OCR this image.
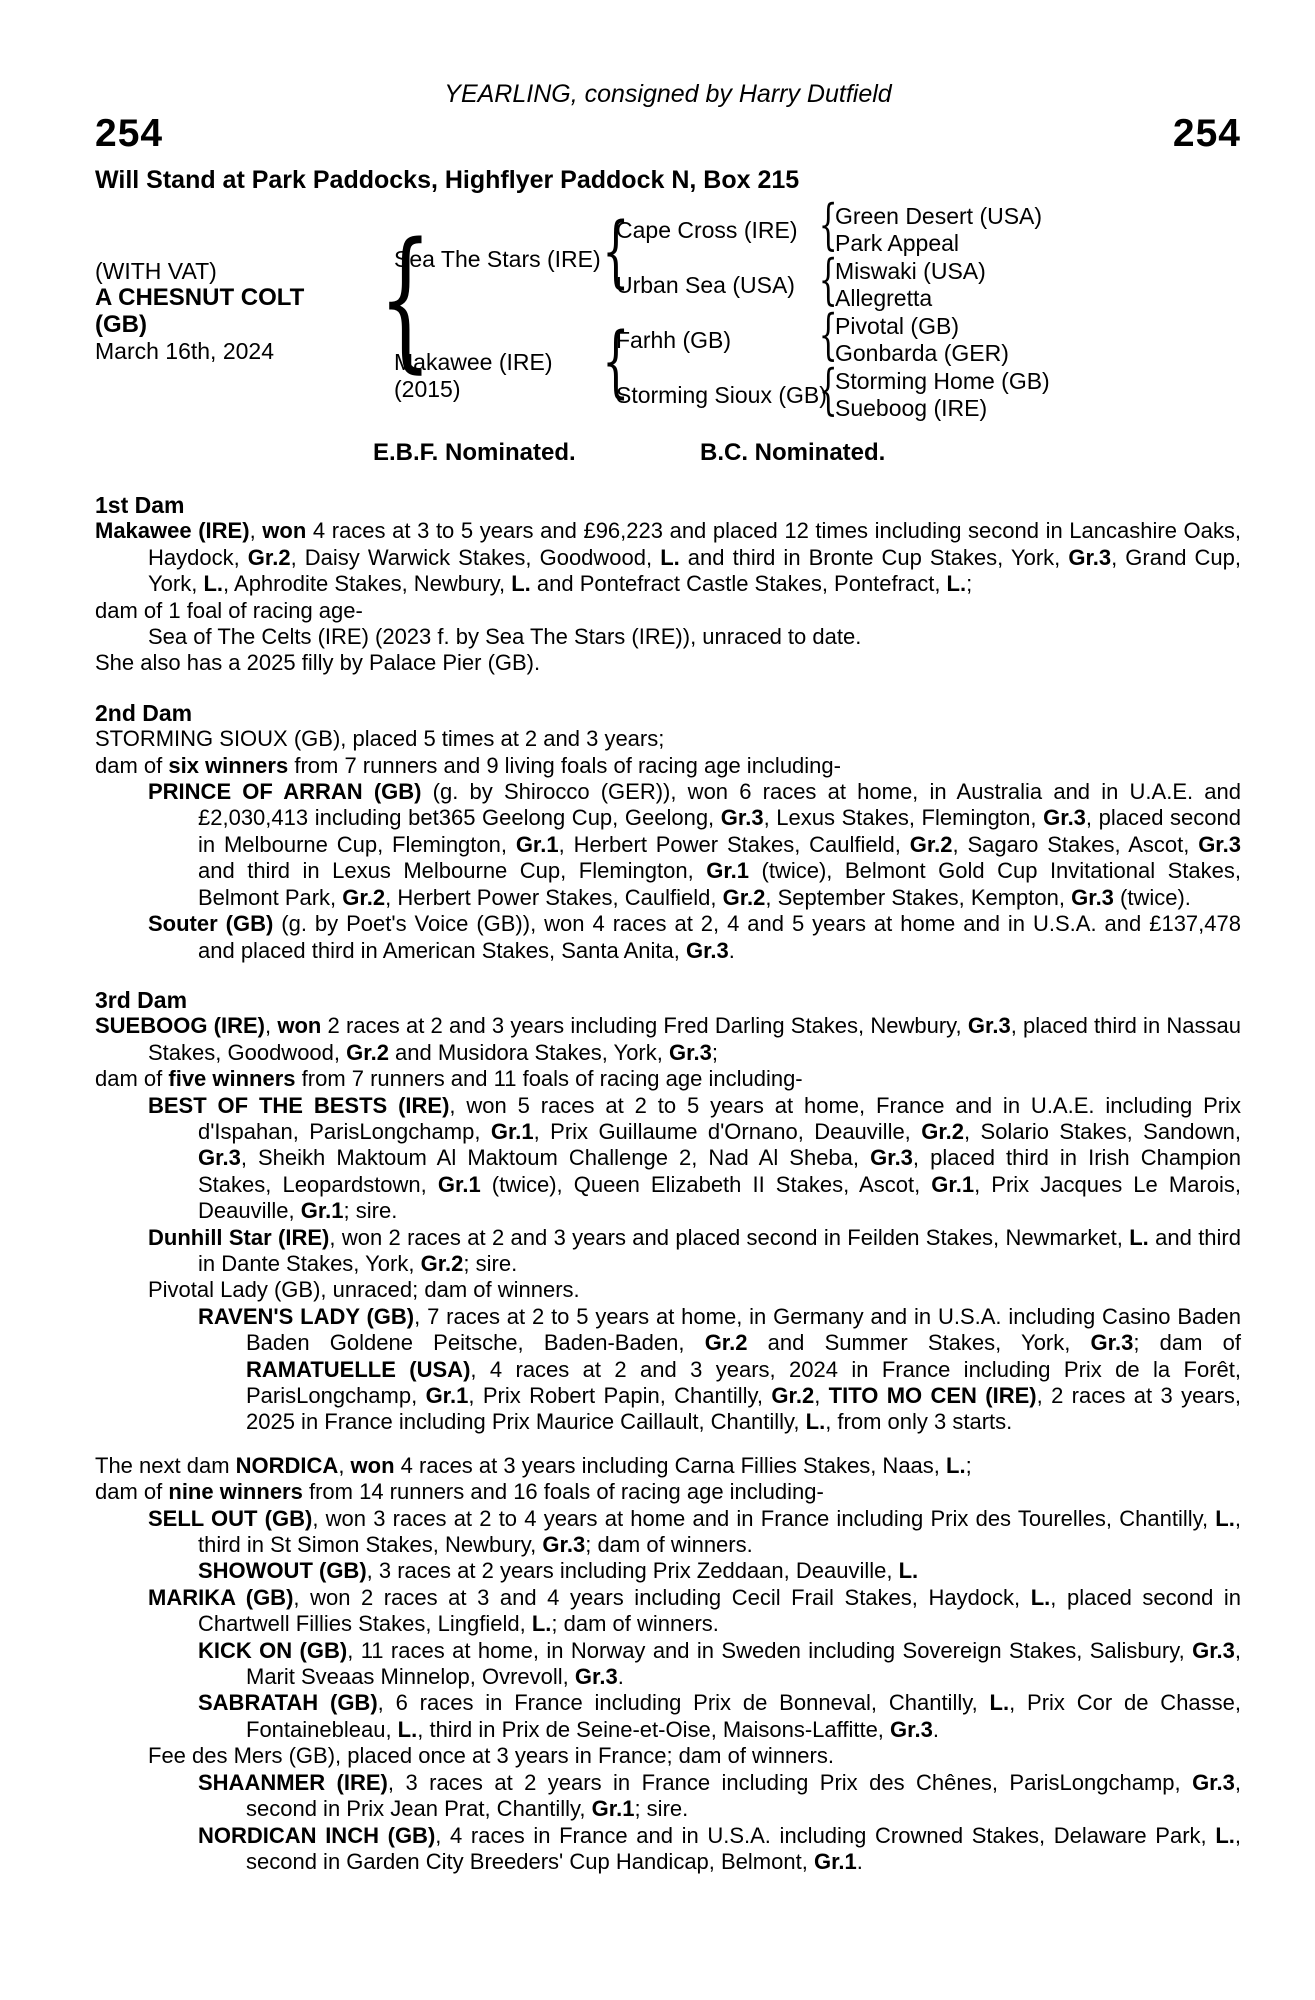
YEARLING, consigned by Harry Dutfield
254	254
Will Stand at Park Paddocks, Highflyer Paddock N, Box 215
(WITH VAT)
A CHESNUT COLT
(GB)
March 16th, 2024 { {
{
{
{
{
{
Sea The Stars (IRE)
Makawee (IRE)
(2015)
Cape Cross (IRE)
Urban Sea (USA)
Farhh (GB)
Storming Sioux (GB)
Green Desert (USA)
Park Appeal
Miswaki (USA)
Allegretta
Pivotal (GB)
Gonbarda (GER)
Storming Home (GB)
Sueboog (IRE)
E.B.F. Nominated.	B.C. Nominated.
1st Dam
Makawee (IRE), won 4 races at 3 to 5 years and £96,223 and placed 12 times including second in Lancashire Oaks, Haydock, Gr.2, Daisy Warwick Stakes, Goodwood, L. and third in Bronte Cup Stakes, York, Gr.3, Grand Cup, York, L., Aphrodite Stakes, Newbury, L. and Pontefract Castle Stakes, Pontefract, L.;
dam of 1 foal of racing age-
Sea of The Celts (IRE) (2023 f. by Sea The Stars (IRE)), unraced to date.
She also has a 2025 filly by Palace Pier (GB).
2nd Dam
STORMING SIOUX (GB), placed 5 times at 2 and 3 years;
dam of six winners from 7 runners and 9 living foals of racing age including-
PRINCE OF ARRAN (GB) (g. by Shirocco (GER)), won 6 races at home, in Australia and in U.A.E. and £2,030,413 including bet365 Geelong Cup, Geelong, Gr.3, Lexus Stakes, Flemington, Gr.3, placed second in Melbourne Cup, Flemington, Gr.1, Herbert Power Stakes, Caulfield, Gr.2, Sagaro Stakes, Ascot, Gr.3 and third in Lexus Melbourne Cup, Flemington, Gr.1 (twice), Belmont Gold Cup Invitational Stakes, Belmont Park, Gr.2, Herbert Power Stakes, Caulfield, Gr.2, September Stakes, Kempton, Gr.3 (twice).
Souter (GB) (g. by Poet's Voice (GB)), won 4 races at 2, 4 and 5 years at home and in U.S.A. and £137,478 and placed third in American Stakes, Santa Anita, Gr.3.
3rd Dam
SUEBOOG (IRE), won 2 races at 2 and 3 years including Fred Darling Stakes, Newbury, Gr.3, placed third in Nassau Stakes, Goodwood, Gr.2 and Musidora Stakes, York, Gr.3;
dam of five winners from 7 runners and 11 foals of racing age including-
BEST OF THE BESTS (IRE), won 5 races at 2 to 5 years at home, France and in U.A.E. including Prix d'Ispahan, ParisLongchamp, Gr.1, Prix Guillaume d'Ornano, Deauville, Gr.2, Solario Stakes, Sandown, Gr.3, Sheikh Maktoum Al Maktoum Challenge 2, Nad Al Sheba, Gr.3, placed third in Irish Champion Stakes, Leopardstown, Gr.1 (twice), Queen Elizabeth II Stakes, Ascot, Gr.1, Prix Jacques Le Marois, Deauville, Gr.1; sire.
Dunhill Star (IRE), won 2 races at 2 and 3 years and placed second in Feilden Stakes, Newmarket, L. and third in Dante Stakes, York, Gr.2; sire.
Pivotal Lady (GB), unraced; dam of winners.
RAVEN'S LADY (GB), 7 races at 2 to 5 years at home, in Germany and in U.S.A. including Casino Baden Baden Goldene Peitsche, Baden-Baden, Gr.2 and Summer Stakes, York, Gr.3; dam of RAMATUELLE (USA), 4 races at 2 and 3 years, 2024 in France including Prix de la Forêt, ParisLongchamp, Gr.1, Prix Robert Papin, Chantilly, Gr.2, TITO MO CEN (IRE), 2 races at 3 years, 2025 in France including Prix Maurice Caillault, Chantilly, L., from only 3 starts.
The next dam NORDICA, won 4 races at 3 years including Carna Fillies Stakes, Naas, L.;
dam of nine winners from 14 runners and 16 foals of racing age including-
SELL OUT (GB), won 3 races at 2 to 4 years at home and in France including Prix des Tourelles, Chantilly, L., third in St Simon Stakes, Newbury, Gr.3; dam of winners.
SHOWOUT (GB), 3 races at 2 years including Prix Zeddaan, Deauville, L.
MARIKA (GB), won 2 races at 3 and 4 years including Cecil Frail Stakes, Haydock, L., placed second in Chartwell Fillies Stakes, Lingfield, L.; dam of winners.
KICK ON (GB), 11 races at home, in Norway and in Sweden including Sovereign Stakes, Salisbury, Gr.3, Marit Sveaas Minnelop, Ovrevoll, Gr.3.
SABRATAH (GB), 6 races in France including Prix de Bonneval, Chantilly, L., Prix Cor de Chasse, Fontainebleau, L., third in Prix de Seine-et-Oise, Maisons-Laffitte, Gr.3.
Fee des Mers (GB), placed once at 3 years in France; dam of winners.
SHAANMER (IRE), 3 races at 2 years in France including Prix des Chênes, ParisLongchamp, Gr.3, second in Prix Jean Prat, Chantilly, Gr.1; sire.
NORDICAN INCH (GB), 4 races in France and in U.S.A. including Crowned Stakes, Delaware Park, L., second in Garden City Breeders' Cup Handicap, Belmont, Gr.1.
